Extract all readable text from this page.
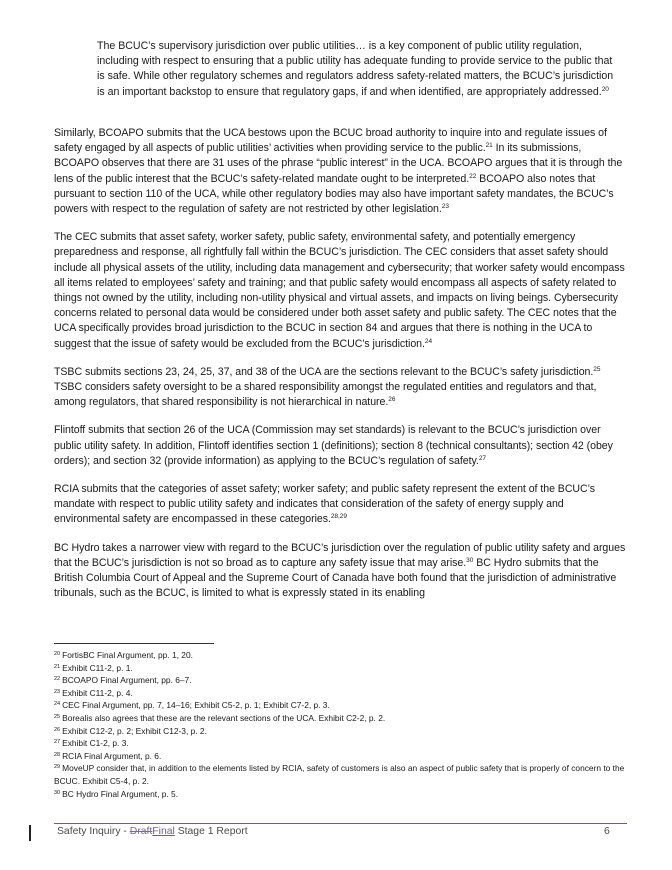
The BCUC’s supervisory jurisdiction over public utilities… is a key component of public utility regulation, including with respect to ensuring that a public utility has adequate funding to provide service to the public that is safe. While other regulatory schemes and regulators address safety-related matters, the BCUC’s jurisdiction is an important backstop to ensure that regulatory gaps, if and when identified, are appropriately addressed.$^{20}$

Similarly, BCOAPO submits that the UCA bestows upon the BCUC broad authority to inquire into and regulate issues of safety engaged by all aspects of public utilities’ activities when providing service to the public.$^{21}$ In its submissions, BCOAPO observes that there are 31 uses of the phrase “public interest” in the UCA. BCOAPO argues that it is through the lens of the public interest that the BCUC’s safety-related mandate ought to be interpreted.$^{22}$ BCOAPO also notes that pursuant to section 110 of the UCA, while other regulatory bodies may also have important safety mandates, the BCUC’s powers with respect to the regulation of safety are not restricted by other legislation.$^{23}$

The CEC submits that asset safety, worker safety, public safety, environmental safety, and potentially emergency preparedness and response, all rightfully fall within the BCUC’s jurisdiction. The CEC considers that asset safety should include all physical assets of the utility, including data management and cybersecurity; that worker safety would encompass all items related to employees’ safety and training; and that public safety would encompass all aspects of safety related to things not owned by the utility, including non-utility physical and virtual assets, and impacts on living beings. Cybersecurity concerns related to personal data would be considered under both asset safety and public safety. The CEC notes that the UCA specifically provides broad jurisdiction to the BCUC in section 84 and argues that there is nothing in the UCA to suggest that the issue of safety would be excluded from the BCUC’s jurisdiction.$^{24}$

TSBC submits sections 23, 24, 25, 37, and 38 of the UCA are the sections relevant to the BCUC’s safety jurisdiction.$^{25}$ TSBC considers safety oversight to be a shared responsibility amongst the regulated entities and regulators and that, among regulators, that shared responsibility is not hierarchical in nature.$^{26}$

Flintoff submits that section 26 of the UCA (Commission may set standards) is relevant to the BCUC’s jurisdiction over public utility safety. In addition, Flintoff identifies section 1 (definitions); section 8 (technical consultants); section 42 (obey orders); and section 32 (provide information) as applying to the BCUC’s regulation of safety.$^{27}$

RCIA submits that the categories of asset safety; worker safety; and public safety represent the extent of the BCUC’s mandate with respect to public utility safety and indicates that consideration of the safety of energy supply and environmental safety are encompassed in these categories.$^{28,29}$

BC Hydro takes a narrower view with regard to the BCUC’s jurisdiction over the regulation of public utility safety and argues that the BCUC’s jurisdiction is not so broad as to capture any safety issue that may arise.$^{30}$ BC Hydro submits that the British Columbia Court of Appeal and the Supreme Court of Canada have both found that the jurisdiction of administrative tribunals, such as the BCUC, is limited to what is expressly stated in its enabling

$^{20}$ FortisBC Final Argument, pp. 1, 20.

$^{21}$ Exhibit C11-2, p. 1.

$^{22}$ BCOAPO Final Argument, pp. 6–7.

$^{23}$ Exhibit C11-2, p. 4.

$^{24}$ CEC Final Argument, pp. 7, 14–16; Exhibit C5-2, p. 1; Exhibit C7-2, p. 3.

$^{25}$ Borealis also agrees that these are the relevant sections of the UCA. Exhibit C2-2, p. 2.

$^{26}$ Exhibit C12-2, p. 2; Exhibit C12-3, p. 2.

$^{27}$ Exhibit C1-2, p. 3.

$^{28}$ RCIA Final Argument, p. 6.

$^{29}$ MoveUP consider that, in addition to the elements listed by RCIA, safety of customers is also an aspect of public safety that is properly of concern to the BCUC. Exhibit C5-4, p. 2.

$^{30}$ BC Hydro Final Argument, p. 5.

Safety Inquiry - DraftFinal Stage 1 Report	6
